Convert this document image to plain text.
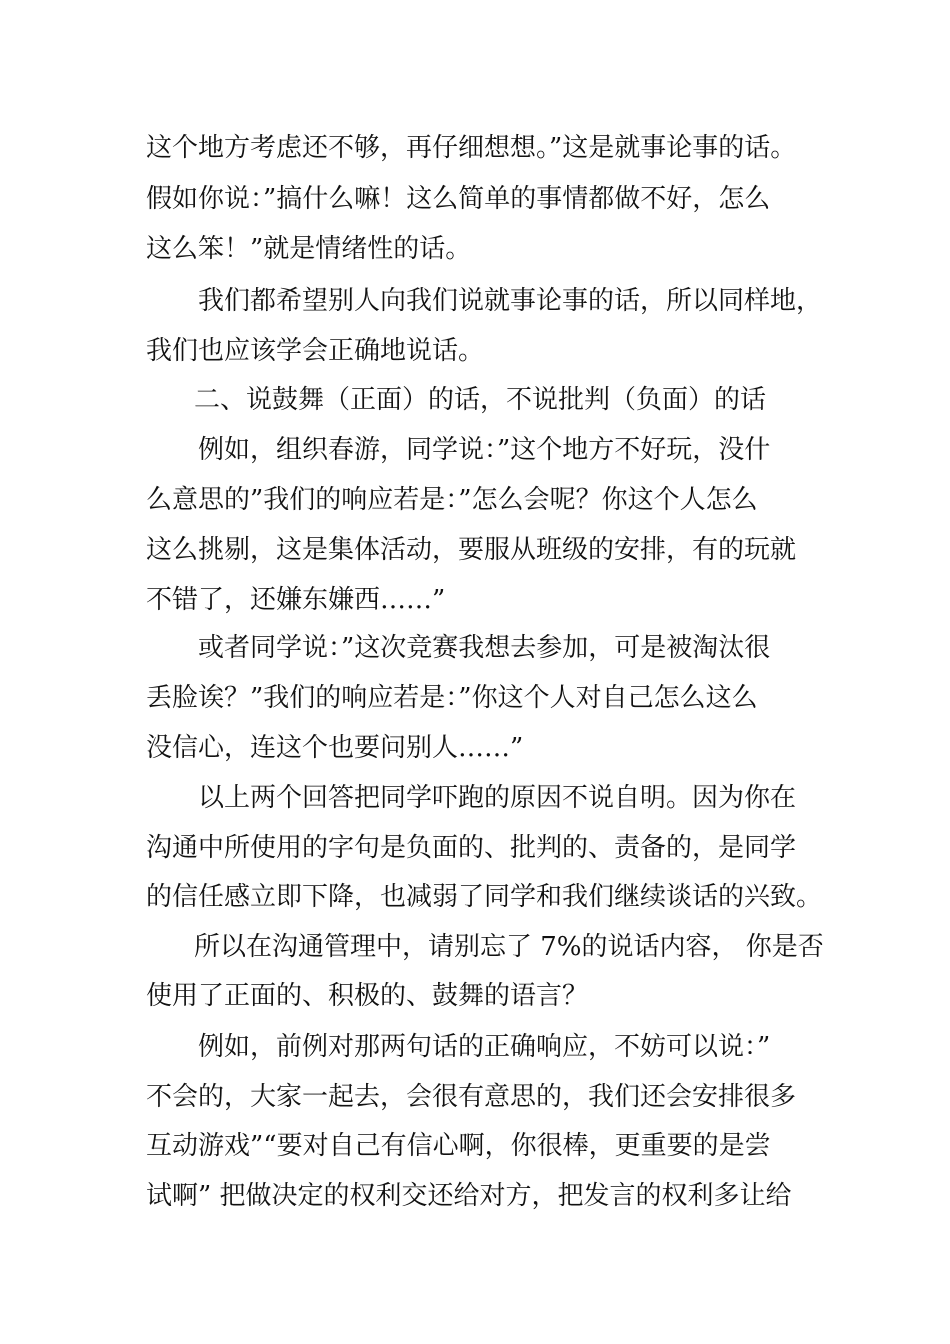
这个地方考虑还不够，再仔细想想。”这是就事论事的话。
假如你说：”搞什么嘛！这么简单的事情都做不好，怎么
这么笨！”就是情绪性的话。
我们都希望别人向我们说就事论事的话，所以同样地，
我们也应该学会正确地说话。
二、说鼓舞（正面）的话，不说批判（负面）的话
例如，组织春游，同学说：”这个地方不好玩，没什
么意思的”我们的响应若是：”怎么会呢？你这个人怎么
这么挑剔，这是集体活动，要服从班级的安排，有的玩就
不错了，还嫌东嫌西……”
或者同学说：”这次竞赛我想去参加，可是被淘汰很
丢脸诶？”我们的响应若是：”你这个人对自己怎么这么
没信心，连这个也要问别人……”
以上两个回答把同学吓跑的原因不说自明。因为你在
沟通中所使用的字句是负面的、批判的、责备的，是同学
的信任感立即下降，也减弱了同学和我们继续谈话的兴致。
所以在沟通管理中，请别忘了 7%的说话内容， 你是否
使用了正面的、积极的、鼓舞的语言？
例如，前例对那两句话的正确响应，不妨可以说：”
不会的，大家一起去，会很有意思的，我们还会安排很多
互动游戏”“要对自己有信心啊，你很棒，更重要的是尝
试啊” 把做决定的权利交还给对方，把发言的权利多让给
